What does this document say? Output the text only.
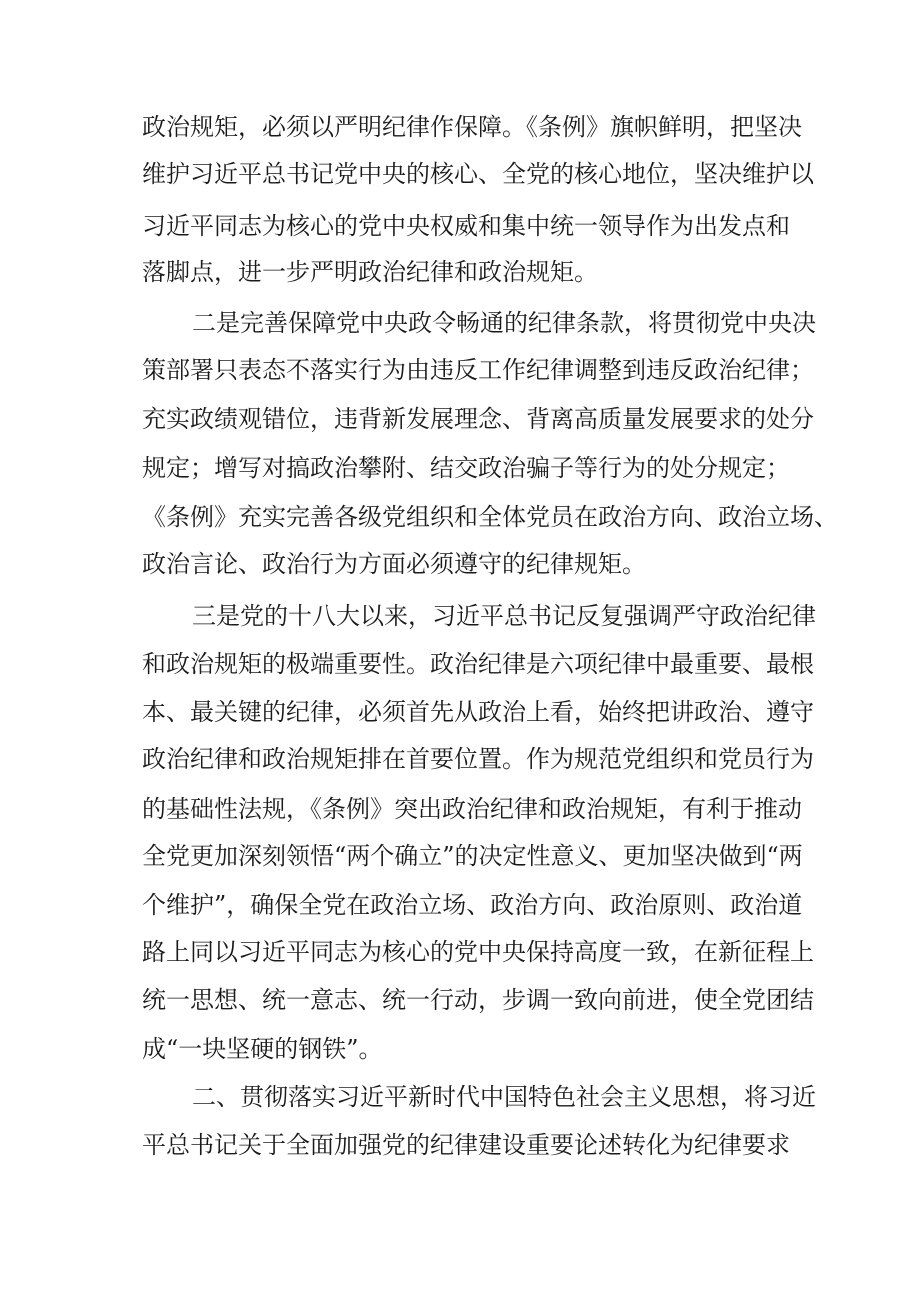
政治规矩，必须以严明纪律作保障。《条例》旗帜鲜明，把坚决

维护习近平总书记党中央的核心、全党的核心地位，坚决维护以

习近平同志为核心的党中央权威和集中统一领导作为出发点和

落脚点，进一步严明政治纪律和政治规矩。

二是完善保障党中央政令畅通的纪律条款，将贯彻党中央决

策部署只表态不落实行为由违反工作纪律调整到违反政治纪律；

充实政绩观错位，违背新发展理念、背离高质量发展要求的处分

规定；增写对搞政治攀附、结交政治骗子等行为的处分规定；

《条例》充实完善各级党组织和全体党员在政治方向、政治立场、

政治言论、政治行为方面必须遵守的纪律规矩。

三是党的十八大以来，习近平总书记反复强调严守政治纪律

和政治规矩的极端重要性。政治纪律是六项纪律中最重要、最根

本、最关键的纪律，必须首先从政治上看，始终把讲政治、遵守

政治纪律和政治规矩排在首要位置。作为规范党组织和党员行为

的基础性法规，《条例》突出政治纪律和政治规矩，有利于推动

全党更加深刻领悟“两个确立”的决定性意义、更加坚决做到“两

个维护”，确保全党在政治立场、政治方向、政治原则、政治道

路上同以习近平同志为核心的党中央保持高度一致，在新征程上

统一思想、统一意志、统一行动，步调一致向前进，使全党团结

成“一块坚硬的钢铁”。

二、贯彻落实习近平新时代中国特色社会主义思想，将习近

平总书记关于全面加强党的纪律建设重要论述转化为纪律要求
